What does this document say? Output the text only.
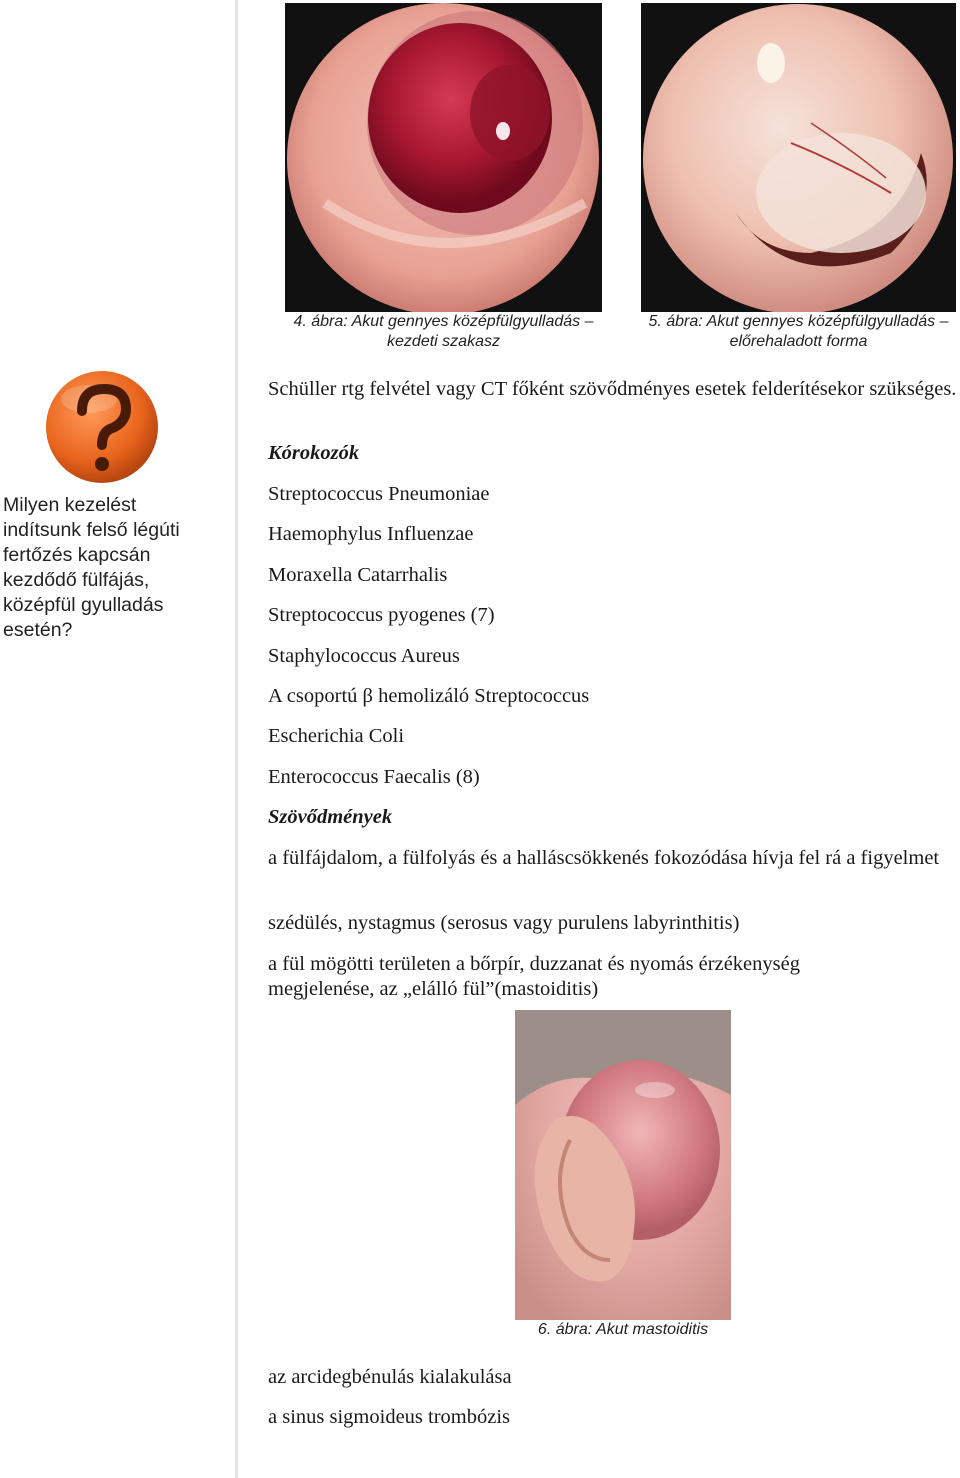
4. ábra: Akut gennyes középfülgyulladás –
kezdeti szakasz

5. ábra: Akut gennyes középfülgyulladás –
előrehaladott forma

Milyen kezelést indítsunk felső légúti fertőzés kapcsán kezdődő fülfájás, középfül gyulladás esetén?

Schüller rtg felvétel vagy CT főként szövődményes esetek felderítésekor szükséges.

Kórokozók

Streptococcus Pneumoniae

Haemophylus Influenzae

Moraxella Catarrhalis

Streptococcus pyogenes (7)

Staphylococcus Aureus

A csoportú β hemolizáló Streptococcus

Escherichia Coli

Enterococcus Faecalis (8)

Szövődmények

a fülfájdalom, a fülfolyás és a halláscsökkenés fokozódása hívja fel rá a figyelmet

szédülés, nystagmus (serosus vagy purulens labyrinthitis)

a fül mögötti területen a bőrpír, duzzanat és nyomás érzékenység megjelenése, az „elálló fül”(mastoiditis)

6. ábra: Akut mastoiditis

az arcidegbénulás kialakulása

a sinus sigmoideus trombózis
